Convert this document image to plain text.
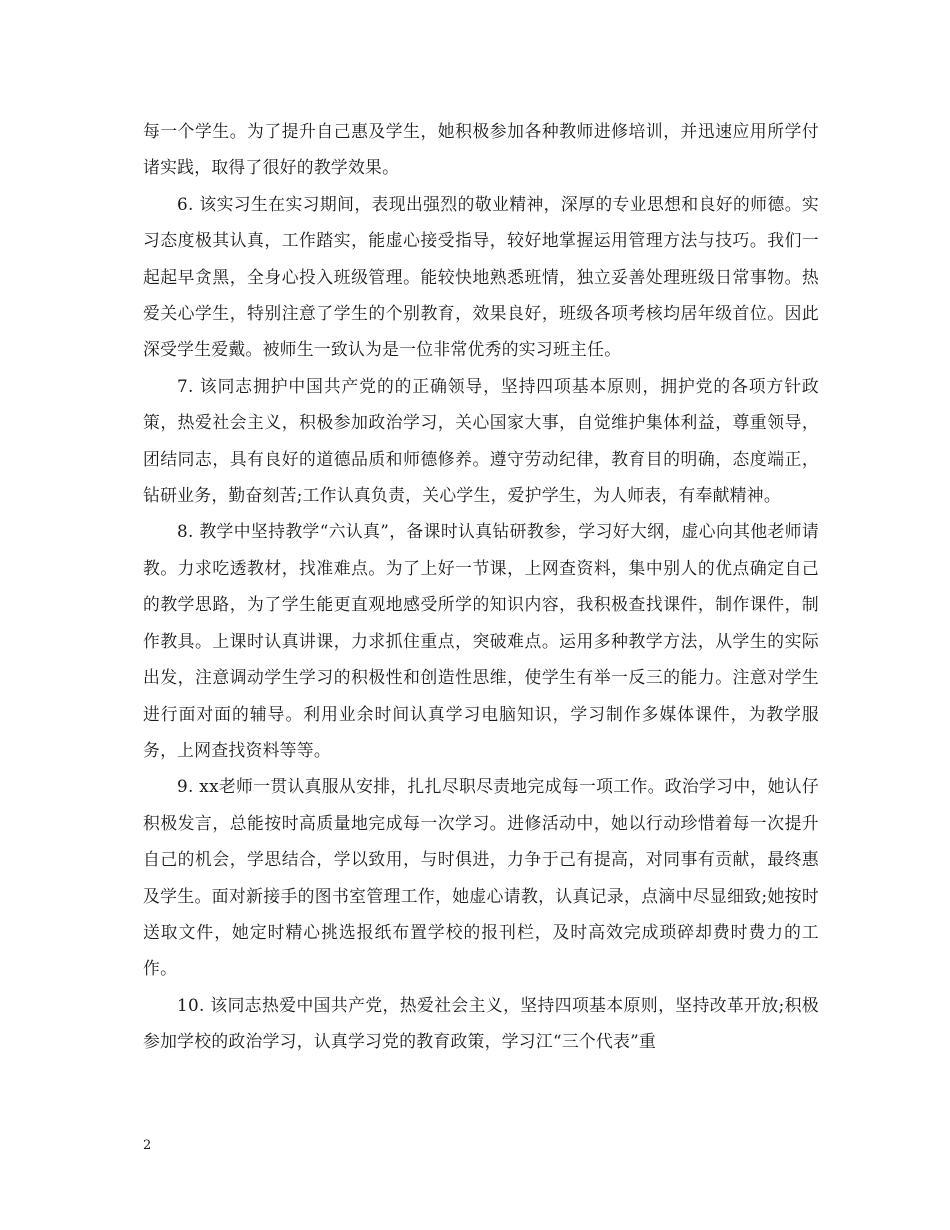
每一个学生。为了提升自己惠及学生，她积极参加各种教师进修培训，并迅速应用所学付诸实践，取得了很好的教学效果。

6. 该实习生在实习期间，表现出强烈的敬业精神，深厚的专业思想和良好的师德。实习态度极其认真，工作踏实，能虚心接受指导，较好地掌握运用管理方法与技巧。我们一起起早贪黑，全身心投入班级管理。能较快地熟悉班情，独立妥善处理班级日常事物。热爱关心学生，特别注意了学生的个别教育，效果良好，班级各项考核均居年级首位。因此深受学生爱戴。被师生一致认为是一位非常优秀的实习班主任。

7. 该同志拥护中国共产党的的正确领导，坚持四项基本原则，拥护党的各项方针政策，热爱社会主义，积极参加政治学习，关心国家大事，自觉维护集体利益，尊重领导，团结同志，具有良好的道德品质和师德修养。遵守劳动纪律，教育目的明确，态度端正，钻研业务，勤奋刻苦;工作认真负责，关心学生，爱护学生，为人师表，有奉献精神。

8. 教学中坚持教学“六认真”，备课时认真钻研教参，学习好大纲，虚心向其他老师请教。力求吃透教材，找准难点。为了上好一节课，上网查资料，集中别人的优点确定自己的教学思路，为了学生能更直观地感受所学的知识内容，我积极查找课件，制作课件，制作教具。上课时认真讲课，力求抓住重点，突破难点。运用多种教学方法，从学生的实际出发，注意调动学生学习的积极性和创造性思维，使学生有举一反三的能力。注意对学生进行面对面的辅导。利用业余时间认真学习电脑知识，学习制作多媒体课件，为教学服务，上网查找资料等等。

9. xx老师一贯认真服从安排，扎扎尽职尽责地完成每一项工作。政治学习中，她认仔积极发言，总能按时高质量地完成每一次学习。进修活动中，她以行动珍惜着每一次提升自己的机会，学思结合，学以致用，与时俱进，力争于己有提高，对同事有贡献，最终惠及学生。面对新接手的图书室管理工作，她虚心请教，认真记录，点滴中尽显细致;她按时送取文件，她定时精心挑选报纸布置学校的报刊栏，及时高效完成琐碎却费时费力的工作。

10. 该同志热爱中国共产党，热爱社会主义，坚持四项基本原则，坚持改革开放;积极参加学校的政治学习，认真学习党的教育政策，学习江“三个代表”重

2
